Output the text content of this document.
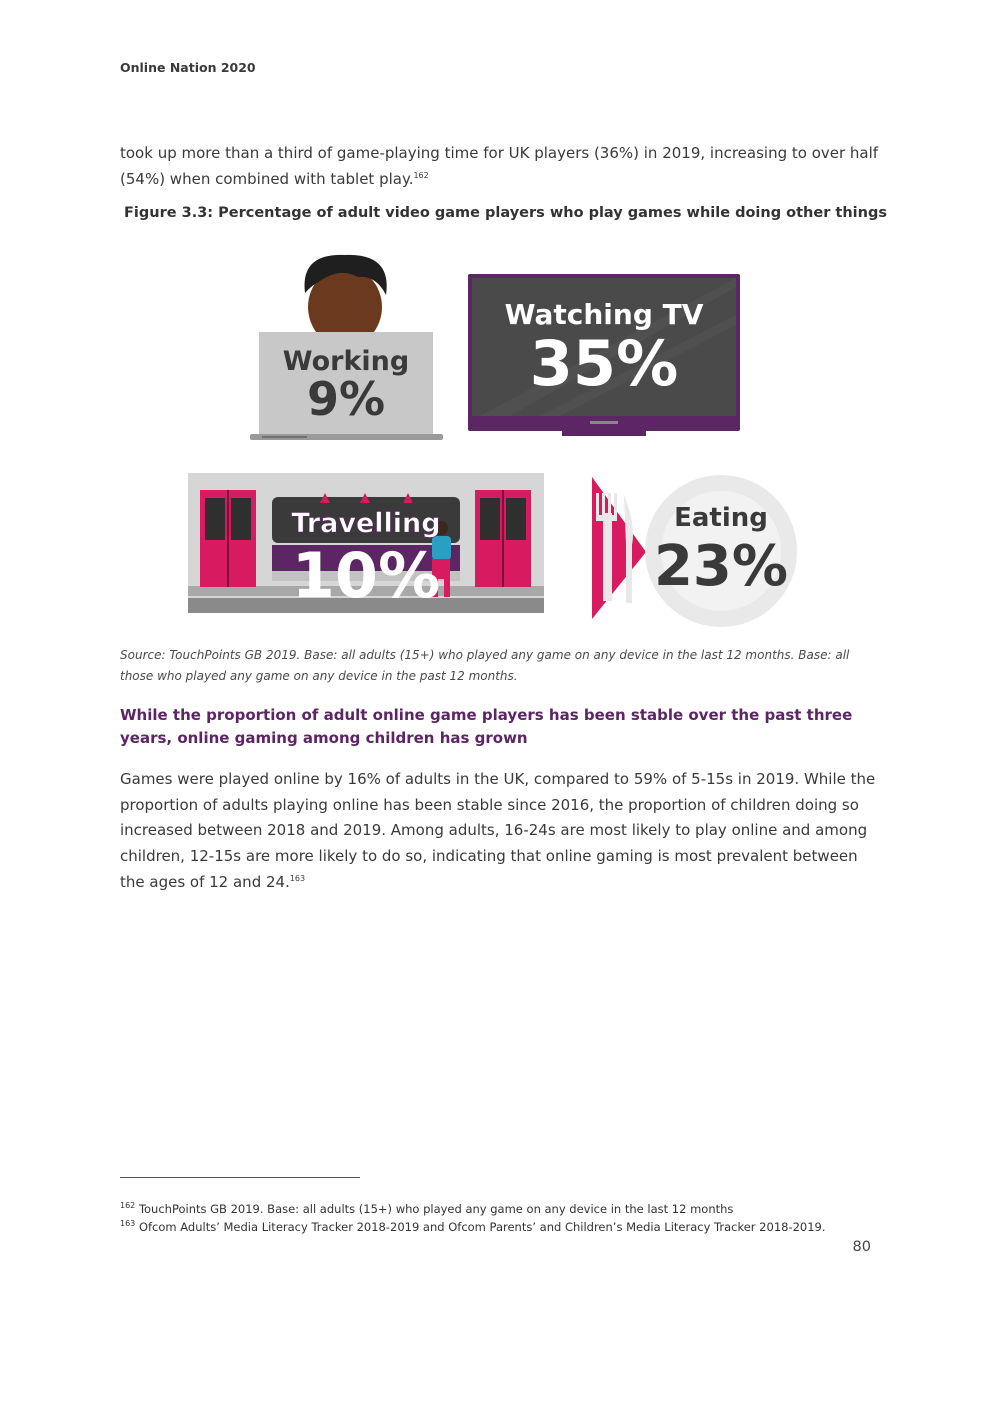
Online Nation 2020
took up more than a third of game-playing time for UK players (36%) in 2019, increasing to over half
(54%) when combined with tablet play.$^{162}$
Figure 3.3: Percentage of adult video game players who play games while doing other things
Working
9%
Watching TV
35%
Travelling
10%
Eating
23%
Source: TouchPoints GB 2019. Base: all adults (15+) who played any game on any device in the last 12 months. Base: all those who played any game on any device in the past 12 months.
While the proportion of adult online game players has been stable over the past three years, online gaming among children has grown
Games were played online by 16% of adults in the UK, compared to 59% of 5-15s in 2019. While the proportion of adults playing online has been stable since 2016, the proportion of children doing so increased between 2018 and 2019. Among adults, 16-24s are most likely to play online and among children, 12-15s are more likely to do so, indicating that online gaming is most prevalent between the ages of 12 and 24.$^{163}$
$^{162}$ TouchPoints GB 2019. Base: all adults (15+) who played any game on any device in the last 12 months
$^{163}$ Ofcom Adults’ Media Literacy Tracker 2018-2019 and Ofcom Parents’ and Children’s Media Literacy Tracker 2018-2019.
80
